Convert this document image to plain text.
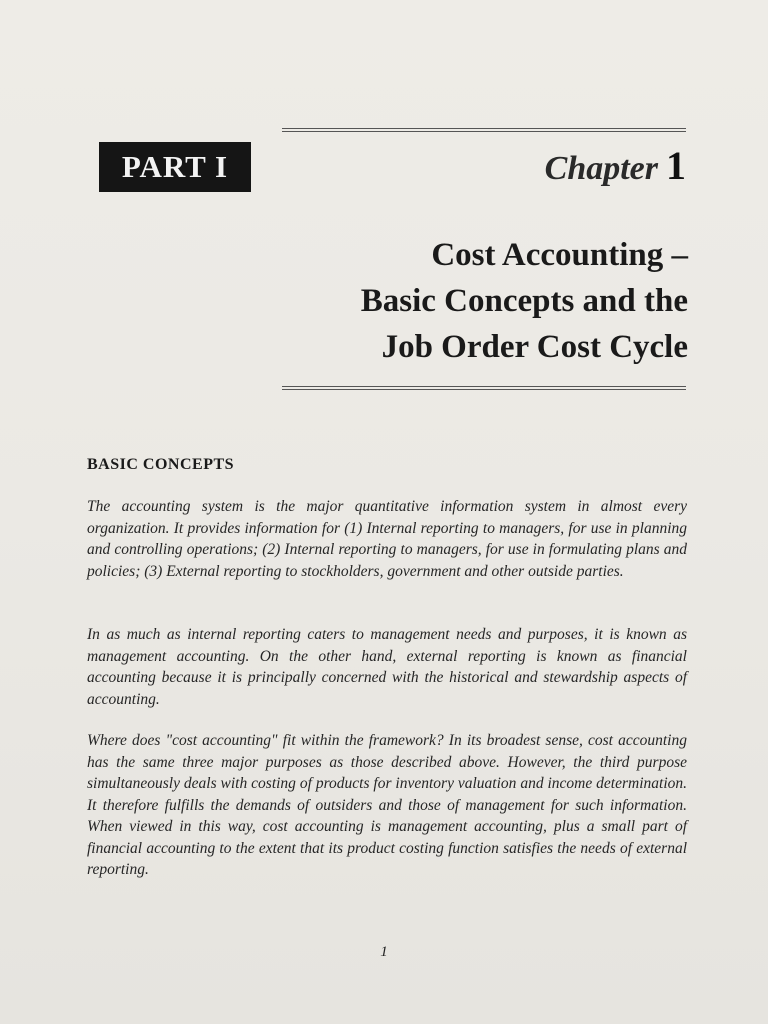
PART I	Chapter 1
Cost Accounting –
Basic Concepts and the
Job Order Cost Cycle
BASIC CONCEPTS

The accounting system is the major quantitative information system in almost every organization. It provides information for (1) Internal reporting to managers, for use in planning and controlling operations; (2) Internal reporting to managers, for use in formulating plans and policies; (3) External reporting to stockholders, government and other outside parties.

In as much as internal reporting caters to management needs and purposes, it is known as management accounting. On the other hand, external reporting is known as financial accounting because it is principally concerned with the historical and stewardship aspects of accounting.

Where does "cost accounting" fit within the framework? In its broadest sense, cost accounting has the same three major purposes as those described above. However, the third purpose simultaneously deals with costing of products for inventory valuation and income determination. It therefore fulfills the demands of outsiders and those of management for such information. When viewed in this way, cost accounting is management accounting, plus a small part of financial accounting to the extent that its product costing function satisfies the needs of external reporting.

1
